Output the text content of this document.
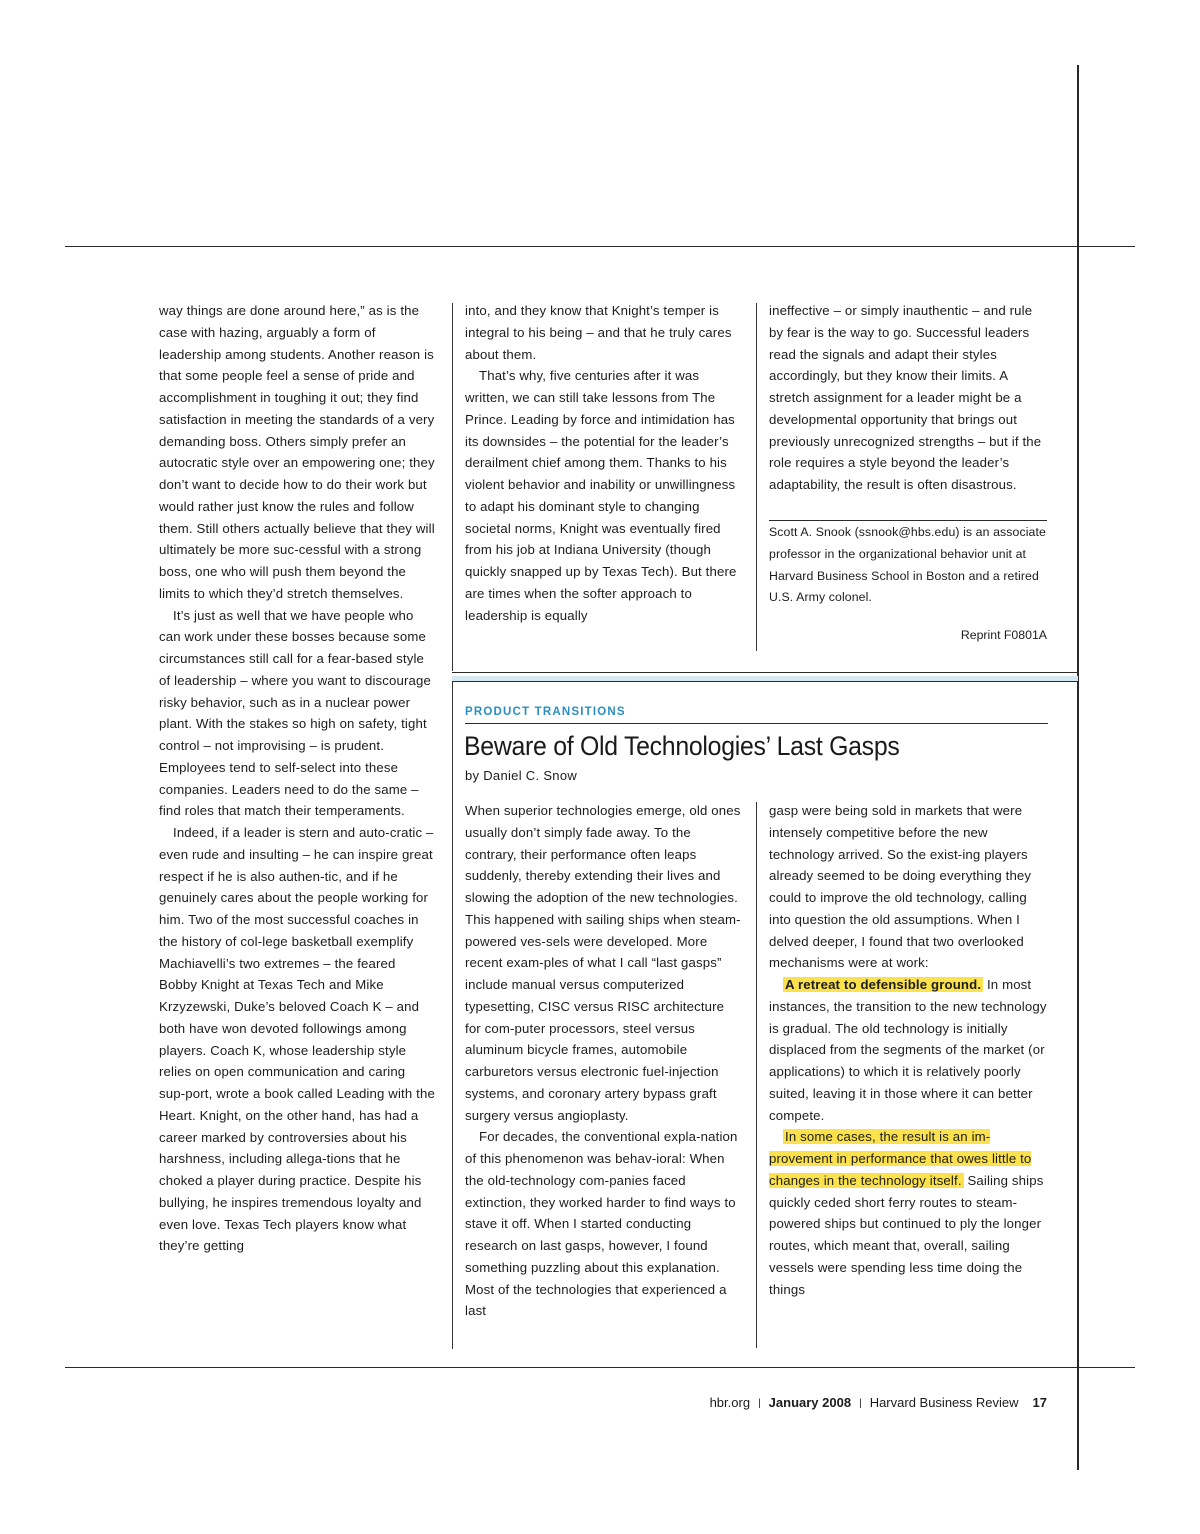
way things are done around here,” as is the case with hazing, arguably a form of leadership among students. Another reason is that some people feel a sense of pride and accomplishment in toughing it out; they find satisfaction in meeting the standards of a very demanding boss. Others simply prefer an autocratic style over an empowering one; they don’t want to decide how to do their work but would rather just know the rules and follow them. Still others actually believe that they will ultimately be more suc-cessful with a strong boss, one who will push them beyond the limits to which they’d stretch themselves.

It’s just as well that we have people who can work under these bosses because some circumstances still call for a fear-based style of leadership – where you want to discourage risky behavior, such as in a nuclear power plant. With the stakes so high on safety, tight control – not improvising – is prudent. Employees tend to self-select into these companies. Leaders need to do the same – find roles that match their temperaments.

Indeed, if a leader is stern and auto-cratic – even rude and insulting – he can inspire great respect if he is also authen-tic, and if he genuinely cares about the people working for him. Two of the most successful coaches in the history of col-lege basketball exemplify Machiavelli’s two extremes – the feared Bobby Knight at Texas Tech and Mike Krzyzewski, Duke’s beloved Coach K – and both have won devoted followings among players. Coach K, whose leadership style relies on open communication and caring sup-port, wrote a book called Leading with the Heart. Knight, on the other hand, has had a career marked by controversies about his harshness, including allega-tions that he choked a player during practice. Despite his bullying, he inspires tremendous loyalty and even love. Texas Tech players know what they’re getting

into, and they know that Knight’s temper is integral to his being – and that he truly cares about them.

That’s why, five centuries after it was written, we can still take lessons from The Prince. Leading by force and intimidation has its downsides – the potential for the leader’s derailment chief among them. Thanks to his violent behavior and inability or unwillingness to adapt his dominant style to changing societal norms, Knight was eventually fired from his job at Indiana University (though quickly snapped up by Texas Tech). But there are times when the softer approach to leadership is equally

ineffective – or simply inauthentic – and rule by fear is the way to go. Successful leaders read the signals and adapt their styles accordingly, but they know their limits. A stretch assignment for a leader might be a developmental opportunity that brings out previously unrecognized strengths – but if the role requires a style beyond the leader’s adaptability, the result is often disastrous.

Scott A. Snook (ssnook@hbs.edu) is an associate professor in the organizational behavior unit at Harvard Business School in Boston and a retired U.S. Army colonel.
Reprint F0801A
PRODUCT TRANSITIONS
Beware of Old Technologies’ Last Gasps
by Daniel C. Snow

When superior technologies emerge, old ones usually don’t simply fade away. To the contrary, their performance often leaps suddenly, thereby extending their lives and slowing the adoption of the new technologies. This happened with sailing ships when steam-powered ves-sels were developed. More recent exam-ples of what I call “last gasps” include manual versus computerized typesetting, CISC versus RISC architecture for com-puter processors, steel versus aluminum bicycle frames, automobile carburetors versus electronic fuel-injection systems, and coronary artery bypass graft surgery versus angioplasty.

For decades, the conventional expla-nation of this phenomenon was behav-ioral: When the old-technology com-panies faced extinction, they worked harder to find ways to stave it off. When I started conducting research on last gasps, however, I found something puzzling about this explanation. Most of the technologies that experienced a last

gasp were being sold in markets that were intensely competitive before the new technology arrived. So the exist-ing players already seemed to be doing everything they could to improve the old technology, calling into question the old assumptions. When I delved deeper, I found that two overlooked mechanisms were at work:

A retreat to defensible ground. In most instances, the transition to the new technology is gradual. The old technology is initially displaced from the segments of the market (or applications) to which it is relatively poorly suited, leaving it in those where it can better compete.

In some cases, the result is an im-provement in performance that owes little to changes in the technology itself. Sailing ships quickly ceded short ferry routes to steam-powered ships but continued to ply the longer routes, which meant that, overall, sailing vessels were spending less time doing the things

hbr.org | January 2008 | Harvard Business Review 17
